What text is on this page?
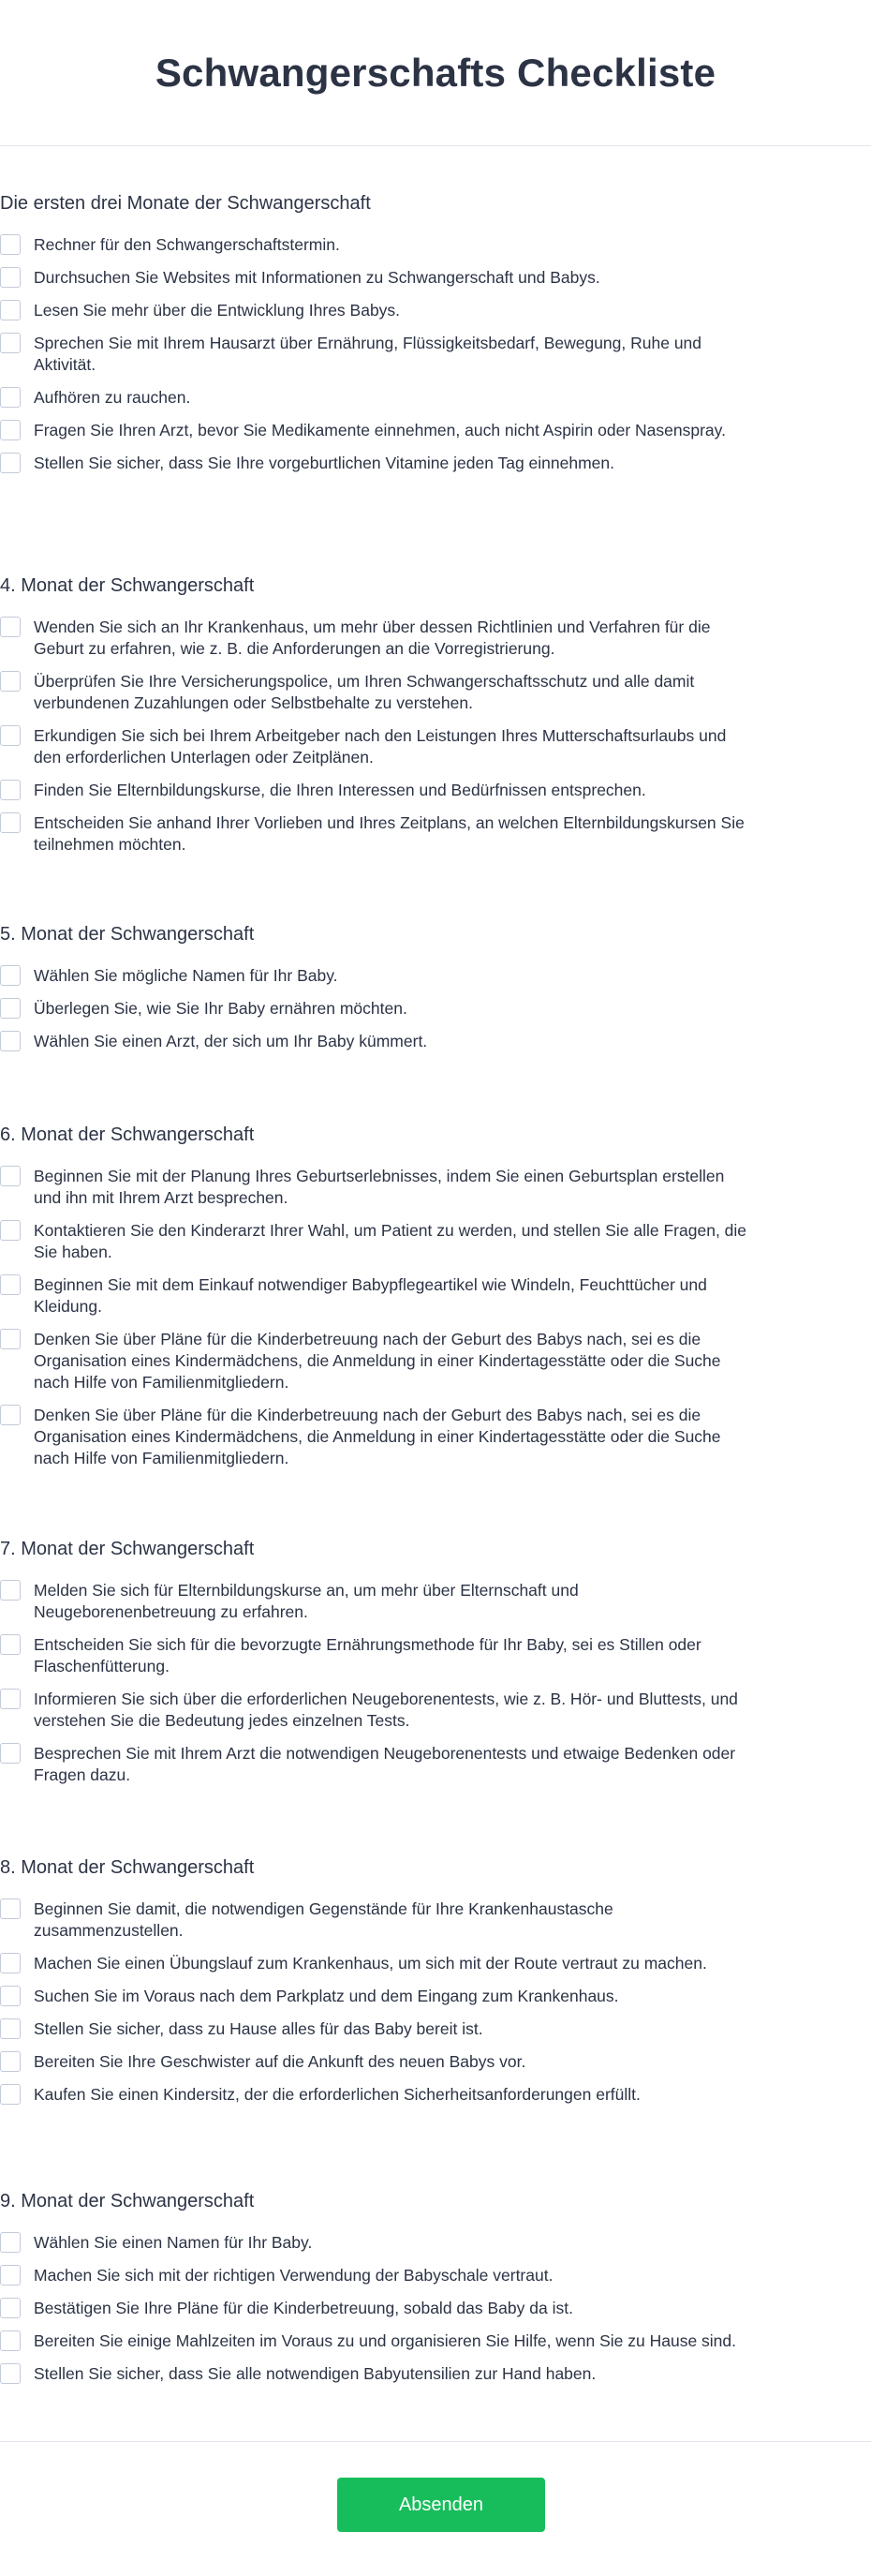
Schwangerschafts Checkliste
Die ersten drei Monate der Schwangerschaft
Rechner für den Schwangerschaftstermin.
Durchsuchen Sie Websites mit Informationen zu Schwangerschaft und Babys.
Lesen Sie mehr über die Entwicklung Ihres Babys.
Sprechen Sie mit Ihrem Hausarzt über Ernährung, Flüssigkeitsbedarf, Bewegung, Ruhe und Aktivität.
Aufhören zu rauchen.
Fragen Sie Ihren Arzt, bevor Sie Medikamente einnehmen, auch nicht Aspirin oder Nasenspray.
Stellen Sie sicher, dass Sie Ihre vorgeburtlichen Vitamine jeden Tag einnehmen.
4. Monat der Schwangerschaft
Wenden Sie sich an Ihr Krankenhaus, um mehr über dessen Richtlinien und Verfahren für die Geburt zu erfahren, wie z. B. die Anforderungen an die Vorregistrierung.
Überprüfen Sie Ihre Versicherungspolice, um Ihren Schwangerschaftsschutz und alle damit verbundenen Zuzahlungen oder Selbstbehalte zu verstehen.
Erkundigen Sie sich bei Ihrem Arbeitgeber nach den Leistungen Ihres Mutterschaftsurlaubs und den erforderlichen Unterlagen oder Zeitplänen.
Finden Sie Elternbildungskurse, die Ihren Interessen und Bedürfnissen entsprechen.
Entscheiden Sie anhand Ihrer Vorlieben und Ihres Zeitplans, an welchen Elternbildungskursen Sie teilnehmen möchten.
5. Monat der Schwangerschaft
Wählen Sie mögliche Namen für Ihr Baby.
Überlegen Sie, wie Sie Ihr Baby ernähren möchten.
Wählen Sie einen Arzt, der sich um Ihr Baby kümmert.
6. Monat der Schwangerschaft
Beginnen Sie mit der Planung Ihres Geburtserlebnisses, indem Sie einen Geburtsplan erstellen und ihn mit Ihrem Arzt besprechen.
Kontaktieren Sie den Kinderarzt Ihrer Wahl, um Patient zu werden, und stellen Sie alle Fragen, die Sie haben.
Beginnen Sie mit dem Einkauf notwendiger Babypflegeartikel wie Windeln, Feuchttücher und Kleidung.
Denken Sie über Pläne für die Kinderbetreuung nach der Geburt des Babys nach, sei es die Organisation eines Kindermädchens, die Anmeldung in einer Kindertagesstätte oder die Suche nach Hilfe von Familienmitgliedern.
Denken Sie über Pläne für die Kinderbetreuung nach der Geburt des Babys nach, sei es die Organisation eines Kindermädchens, die Anmeldung in einer Kindertagesstätte oder die Suche nach Hilfe von Familienmitgliedern.
7. Monat der Schwangerschaft
Melden Sie sich für Elternbildungskurse an, um mehr über Elternschaft und Neugeborenenbetreuung zu erfahren.
Entscheiden Sie sich für die bevorzugte Ernährungsmethode für Ihr Baby, sei es Stillen oder Flaschenfütterung.
Informieren Sie sich über die erforderlichen Neugeborenentests, wie z. B. Hör- und Bluttests, und verstehen Sie die Bedeutung jedes einzelnen Tests.
Besprechen Sie mit Ihrem Arzt die notwendigen Neugeborenentests und etwaige Bedenken oder Fragen dazu.
8. Monat der Schwangerschaft
Beginnen Sie damit, die notwendigen Gegenstände für Ihre Krankenhaustasche zusammenzustellen.
Machen Sie einen Übungslauf zum Krankenhaus, um sich mit der Route vertraut zu machen.
Suchen Sie im Voraus nach dem Parkplatz und dem Eingang zum Krankenhaus.
Stellen Sie sicher, dass zu Hause alles für das Baby bereit ist.
Bereiten Sie Ihre Geschwister auf die Ankunft des neuen Babys vor.
Kaufen Sie einen Kindersitz, der die erforderlichen Sicherheitsanforderungen erfüllt.
9. Monat der Schwangerschaft
Wählen Sie einen Namen für Ihr Baby.
Machen Sie sich mit der richtigen Verwendung der Babyschale vertraut.
Bestätigen Sie Ihre Pläne für die Kinderbetreuung, sobald das Baby da ist.
Bereiten Sie einige Mahlzeiten im Voraus zu und organisieren Sie Hilfe, wenn Sie zu Hause sind.
Stellen Sie sicher, dass Sie alle notwendigen Babyutensilien zur Hand haben.
Absenden
